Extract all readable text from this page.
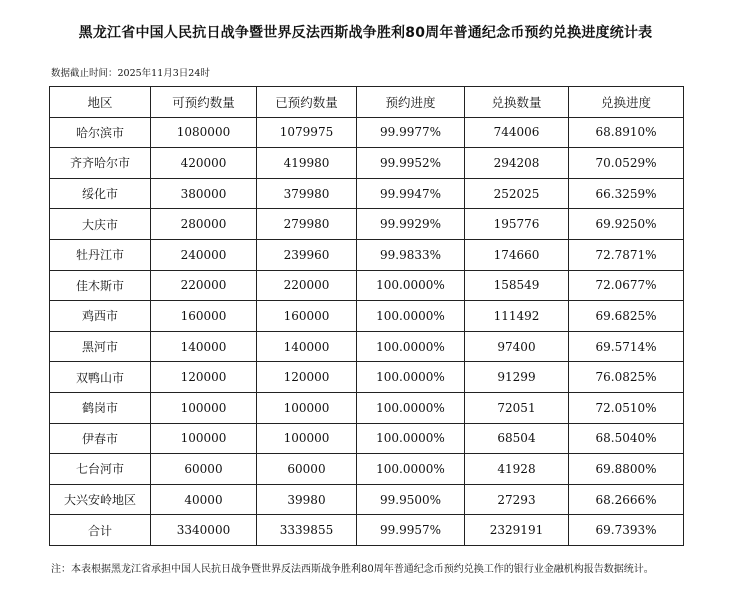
黑龙江省中国人民抗日战争暨世界反法西斯战争胜利80周年普通纪念币预约兑换进度统计表
数据截止时间：2025年11月3日24时
地区	可预约数量	已预约数量	预约进度	兑换数量	兑换进度
哈尔滨市	1080000	1079975	99.9977%	744006	68.8910%
齐齐哈尔市	420000	419980	99.9952%	294208	70.0529%
绥化市	380000	379980	99.9947%	252025	66.3259%
大庆市	280000	279980	99.9929%	195776	69.9250%
牡丹江市	240000	239960	99.9833%	174660	72.7871%
佳木斯市	220000	220000	100.0000%	158549	72.0677%
鸡西市	160000	160000	100.0000%	111492	69.6825%
黑河市	140000	140000	100.0000%	97400	69.5714%
双鸭山市	120000	120000	100.0000%	91299	76.0825%
鹤岗市	100000	100000	100.0000%	72051	72.0510%
伊春市	100000	100000	100.0000%	68504	68.5040%
七台河市	60000	60000	100.0000%	41928	69.8800%
大兴安岭地区	40000	39980	99.9500%	27293	68.2666%
合计	3340000	3339855	99.9957%	2329191	69.7393%
注：本表根据黑龙江省承担中国人民抗日战争暨世界反法西斯战争胜利80周年普通纪念币预约兑换工作的银行业金融机构报告数据统计。
